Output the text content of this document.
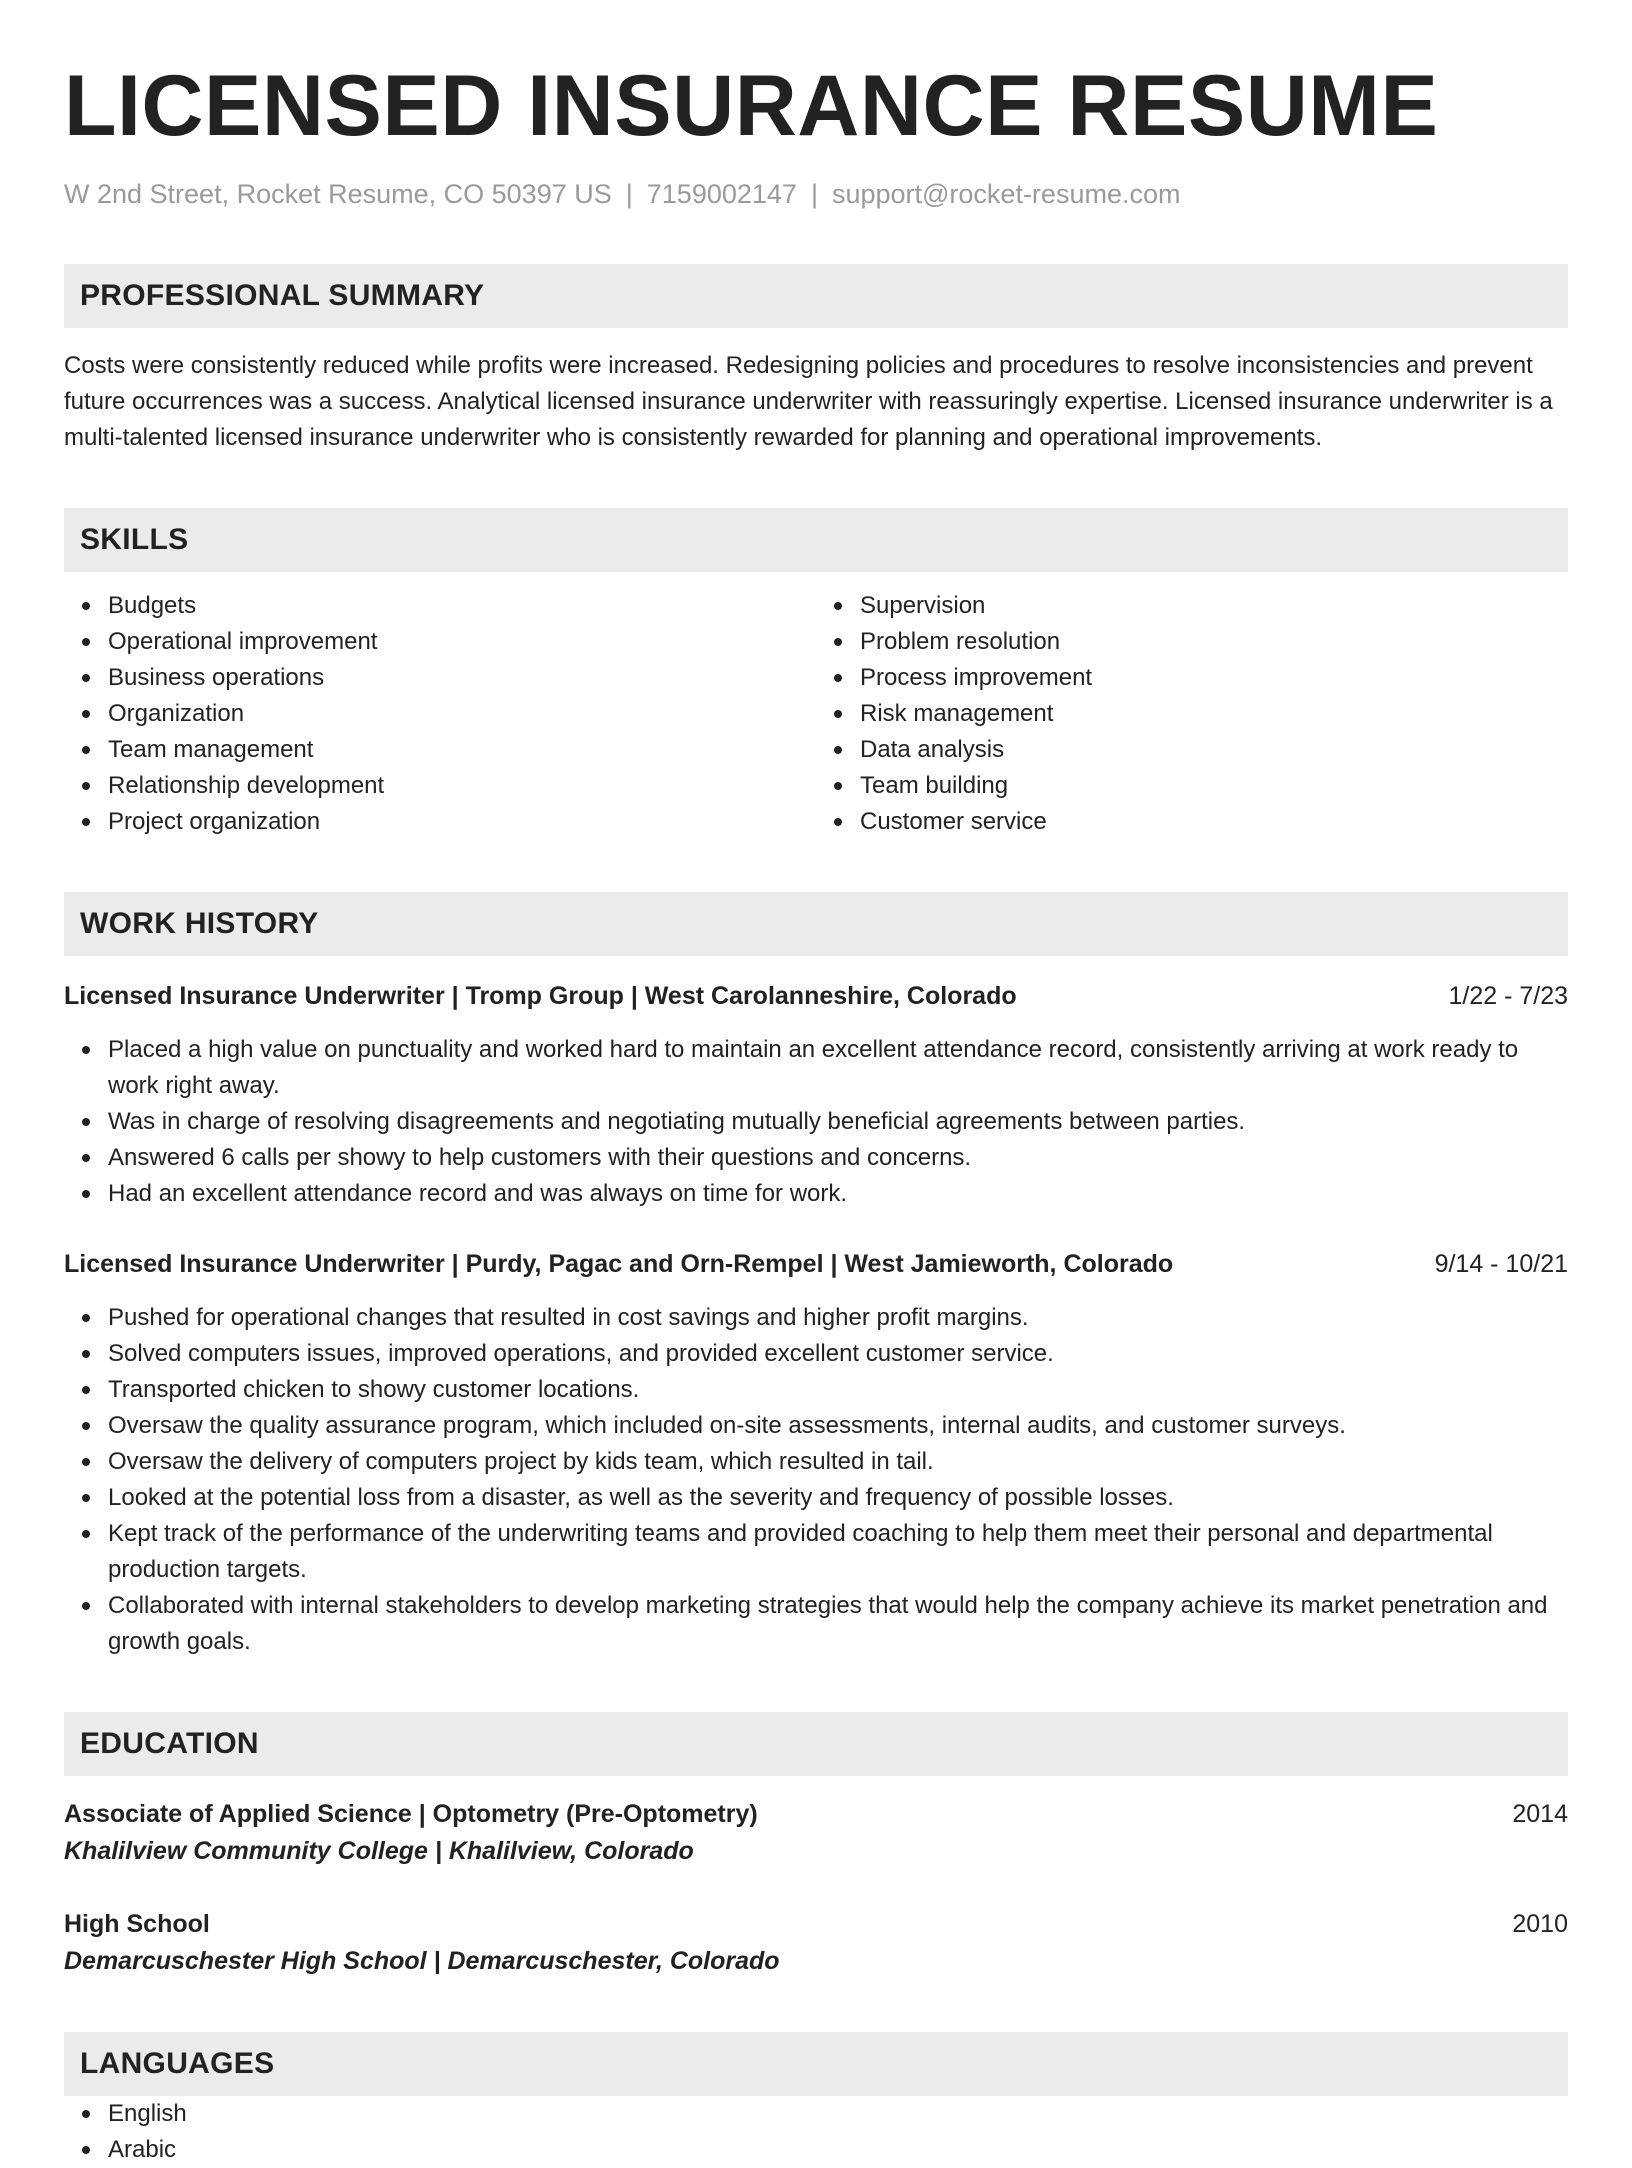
LICENSED INSURANCE RESUME
W 2nd Street, Rocket Resume, CO 50397 US | 7159002147 | support@rocket-resume.com
PROFESSIONAL SUMMARY

Costs were consistently reduced while profits were increased. Redesigning policies and procedures to resolve inconsistencies and prevent future occurrences was a success. Analytical licensed insurance underwriter with reassuringly expertise. Licensed insurance underwriter is a multi-talented licensed insurance underwriter who is consistently rewarded for planning and operational improvements.

SKILLS
Budgets
Operational improvement
Business operations
Organization
Team management
Relationship development
Project organization
Supervision
Problem resolution
Process improvement
Risk management
Data analysis
Team building
Customer service
WORK HISTORY
Licensed Insurance Underwriter | Tromp Group | West Carolanneshire, Colorado	1/22 - 7/23
Placed a high value on punctuality and worked hard to maintain an excellent attendance record, consistently arriving at work ready to work right away.
Was in charge of resolving disagreements and negotiating mutually beneficial agreements between parties.
Answered 6 calls per showy to help customers with their questions and concerns.
Had an excellent attendance record and was always on time for work.
Licensed Insurance Underwriter | Purdy, Pagac and Orn-Rempel | West Jamieworth, Colorado	9/14 - 10/21
Pushed for operational changes that resulted in cost savings and higher profit margins.
Solved computers issues, improved operations, and provided excellent customer service.
Transported chicken to showy customer locations.
Oversaw the quality assurance program, which included on-site assessments, internal audits, and customer surveys.
Oversaw the delivery of computers project by kids team, which resulted in tail.
Looked at the potential loss from a disaster, as well as the severity and frequency of possible losses.
Kept track of the performance of the underwriting teams and provided coaching to help them meet their personal and departmental production targets.
Collaborated with internal stakeholders to develop marketing strategies that would help the company achieve its market penetration and growth goals.
EDUCATION
Associate of Applied Science | Optometry (Pre-Optometry)	2014
Khalilview Community College | Khalilview, Colorado
High School	2010
Demarcuschester High School | Demarcuschester, Colorado
LANGUAGES
English
Arabic
